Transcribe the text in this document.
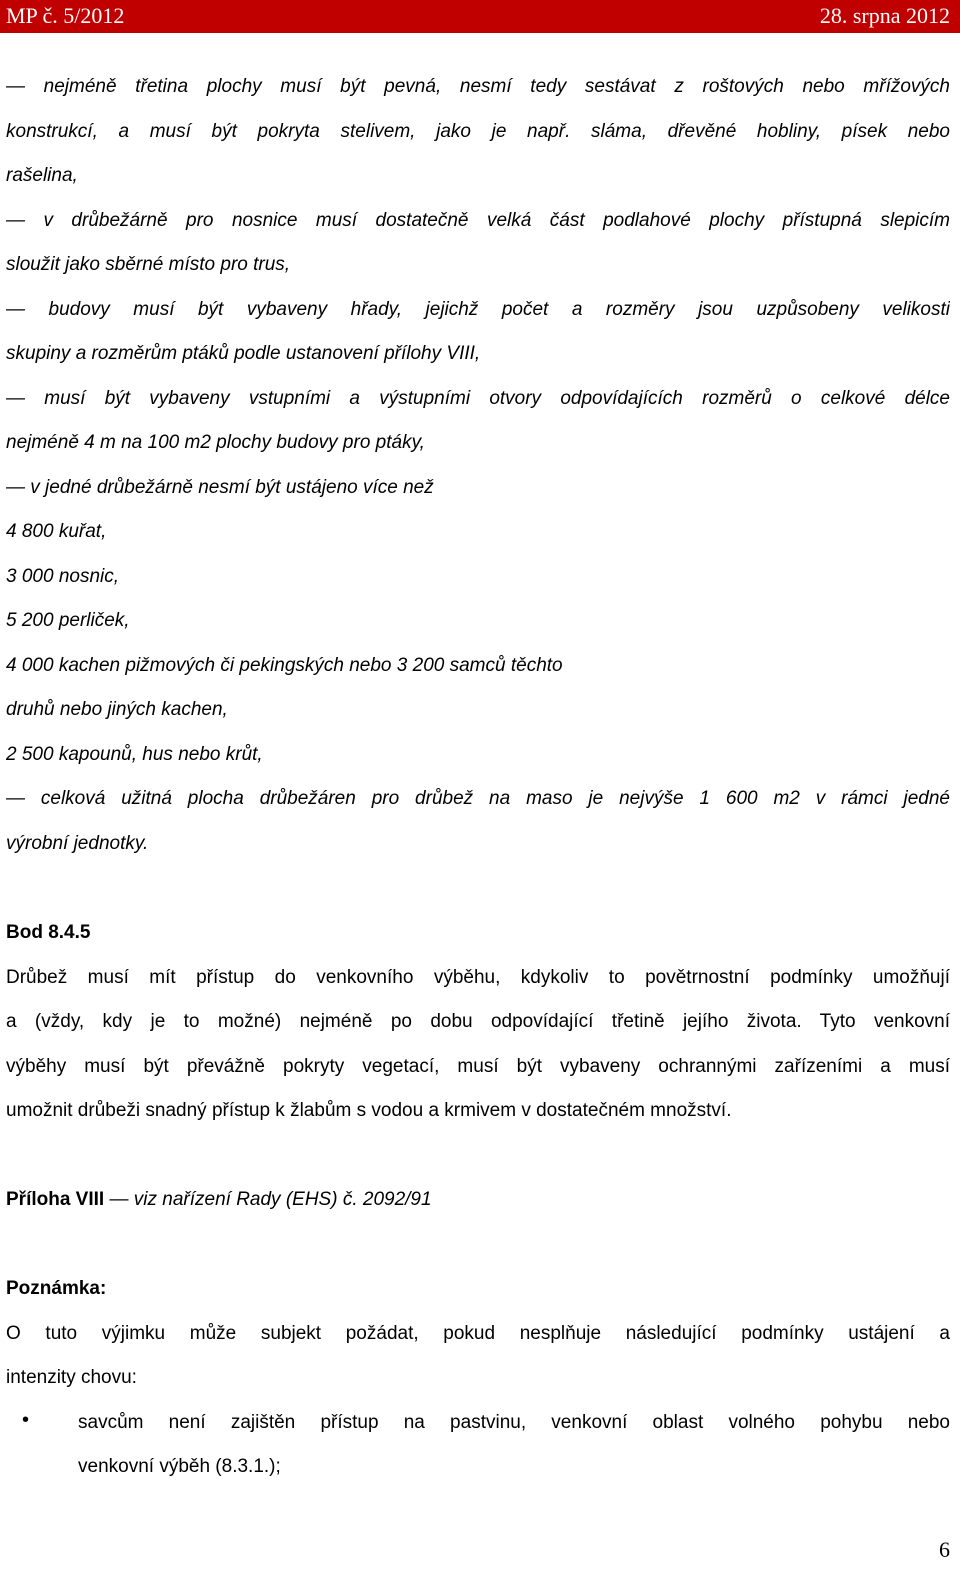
MP č. 5/2012	28. srpna 2012
— nejméně třetina plochy musí být pevná, nesmí tedy sestávat z roštových nebo mřížových
konstrukcí, a musí být pokryta stelivem, jako je např. sláma, dřevěné hobliny, písek nebo
rašelina,
— v drůbežárně pro nosnice musí dostatečně velká část podlahové plochy přístupná slepicím
sloužit jako sběrné místo pro trus,
— budovy musí být vybaveny hřady, jejichž počet a rozměry jsou uzpůsobeny velikosti
skupiny a rozměrům ptáků podle ustanovení přílohy VIII,
— musí být vybaveny vstupními a výstupními otvory odpovídajících rozměrů o celkové délce
nejméně 4 m na 100 m2 plochy budovy pro ptáky,
— v jedné drůbežárně nesmí být ustájeno více než
4 800 kuřat,
3 000 nosnic,
5 200 perliček,
4 000 kachen pižmových či pekingských nebo 3 200 samců těchto
druhů nebo jiných kachen,
2 500 kapounů, hus nebo krůt,
— celková užitná plocha drůbežáren pro drůbež na maso je nejvýše 1 600 m2 v rámci jedné
výrobní jednotky.
Bod 8.4.5
Drůbež musí mít přístup do venkovního výběhu, kdykoliv to povětrnostní podmínky umožňují
a (vždy, kdy je to možné) nejméně po dobu odpovídající třetině jejího života. Tyto venkovní
výběhy musí být převážně pokryty vegetací, musí být vybaveny ochrannými zařízeními a musí
umožnit drůbeži snadný přístup k žlabům s vodou a krmivem v dostatečném množství.
Příloha VIII — viz nařízení Rady (EHS) č. 2092/91
Poznámka:
O tuto výjimku může subjekt požádat, pokud nesplňuje následující podmínky ustájení a
intenzity chovu:
•	savcům není zajištěn přístup na pastvinu, venkovní oblast volného pohybu nebo
venkovní výběh (8.3.1.);
6
